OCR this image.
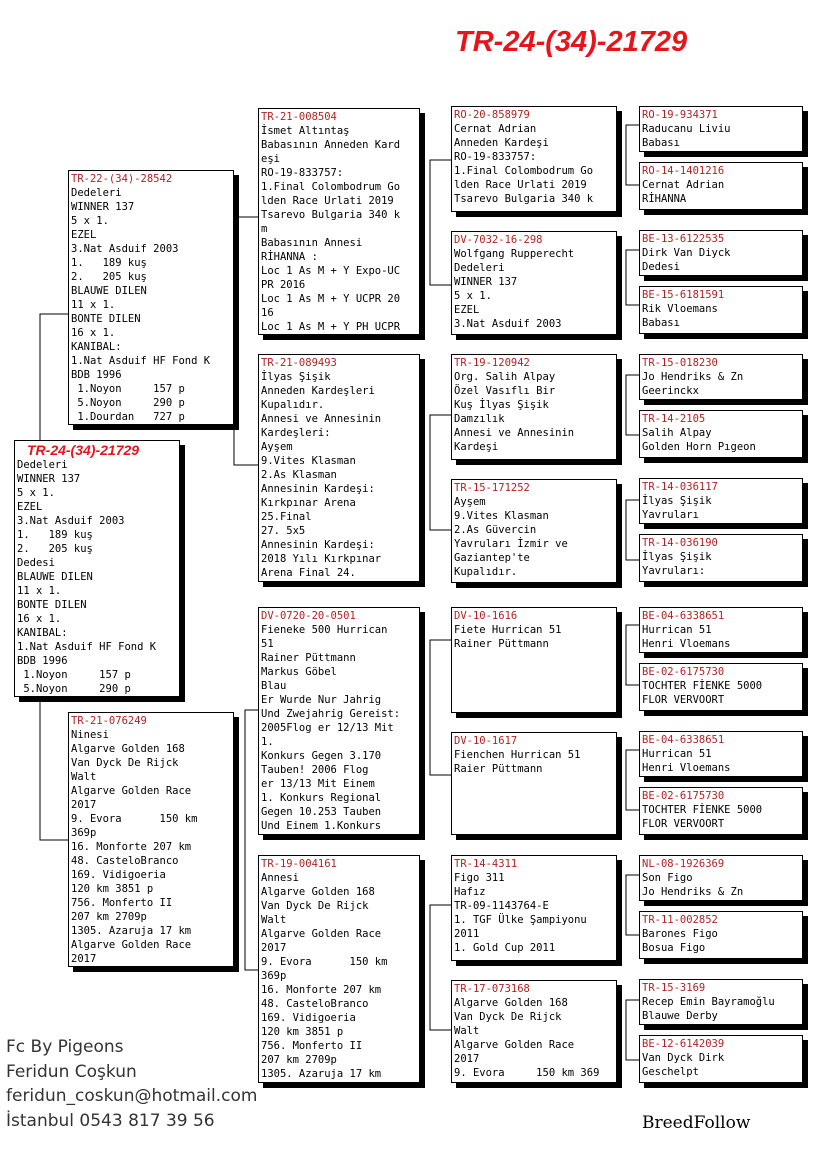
TR-24-(34)-21729
TR-24-(34)-21729
Dedeleri
WINNER 137
5 x 1.
EZEL
3.Nat Asduif 2003
1.   189 kuş
2.   205 kuş
Dedesi
BLAUWE DILEN
11 x 1.
BONTE DILEN
16 x 1.
KANIBAL:
1.Nat Asduif HF Fond K
BDB 1996
1.Noyon     157 p
5.Noyon     290 p
TR-22-(34)-28542
Dedeleri
WINNER 137
5 x 1.
EZEL
3.Nat Asduif 2003
1.   189 kuş
2.   205 kuş
BLAUWE DILEN
11 x 1.
BONTE DILEN
16 x 1.
KANIBAL:
1.Nat Asduif HF Fond K
BDB 1996
1.Noyon     157 p
5.Noyon     290 p
1.Dourdan   727 p
TR-21-076249
Ninesi
Algarve Golden 168
Van Dyck De Rijck
Walt
Algarve Golden Race
2017
9. Evora      150 km
369p
16. Monforte 207 km
48. CasteloBranco
169. Vidigoeria
120 km 3851 p
756. Monferto II
207 km 2709p
1305. Azaruja 17 km
Algarve Golden Race
2017
TR-21-008504
İsmet Altıntaş
Babasının Anneden Kard
eşi
RO-19-833757:
1.Final Colombodrum Go
lden Race Urlati 2019
Tsarevo Bulgaria 340 k
m
Babasının Annesi
RİHANNA :
Loc 1 As M + Y Expo-UC
PR 2016
Loc 1 As M + Y UCPR 20
16
Loc 1 As M + Y PH UCPR
TR-21-089493
İlyas Şişik
Anneden Kardeşleri
Kupalıdır.
Annesi ve Annesinin
Kardeşleri:
Ayşem
9.Vites Klasman
2.As Klasman
Annesinin Kardeşi:
Kırkpınar Arena
25.Final
27. 5x5
Annesinin Kardeşi:
2018 Yılı Kırkpınar
Arena Final 24.
DV-0720-20-0501
Fieneke 500 Hurrican
51
Rainer Püttmann
Markus Göbel
Blau
Er Wurde Nur Jahrig
Und Zwejahrig Gereist:
2005Flog er 12/13 Mit
1.
Konkurs Gegen 3.170
Tauben! 2006 Flog
er 13/13 Mit Einem
1. Konkurs Regional
Gegen 10.253 Tauben
Und Einem 1.Konkurs
TR-19-004161
Annesi
Algarve Golden 168
Van Dyck De Rijck
Walt
Algarve Golden Race
2017
9. Evora      150 km
369p
16. Monforte 207 km
48. CasteloBranco
169. Vidigoeria
120 km 3851 p
756. Monferto II
207 km 2709p
1305. Azaruja 17 km
RO-20-858979
Cernat Adrian
Anneden Kardeşi
RO-19-833757:
1.Final Colombodrum Go
lden Race Urlati 2019
Tsarevo Bulgaria 340 k
DV-7032-16-298
Wolfgang Rupperecht
Dedeleri
WINNER 137
5 x 1.
EZEL
3.Nat Asduif 2003
TR-19-120942
Org. Salih Alpay
Özel Vasıflı Bir
Kuş İlyas Şişik
Damzılık
Annesi ve Annesinin
Kardeşi
TR-15-171252
Ayşem
9.Vites Klasman
2.As Güvercin
Yavruları İzmir ve
Gaziantep'te
Kupalıdır.
DV-10-1616
Fiete Hurrican 51
Rainer Püttmann
DV-10-1617
Fienchen Hurrican 51
Raier Püttmann
TR-14-4311
Figo 311
Hafız
TR-09-1143764-E
1. TGF Ülke Şampiyonu
2011
1. Gold Cup 2011
TR-17-073168
Algarve Golden 168
Van Dyck De Rijck
Walt
Algarve Golden Race
2017
9. Evora     150 km 369
RO-19-934371
Raducanu Liviu
Babası
RO-14-1401216
Cernat Adrian
RİHANNA
BE-13-6122535
Dirk Van Diyck
Dedesi
BE-15-6181591
Rik Vloemans
Babası
TR-15-018230
Jo Hendriks & Zn
Geerinckx
TR-14-2105
Salih Alpay
Golden Horn Pıgeon
TR-14-036117
İlyas Şişik
Yavruları
TR-14-036190
İlyas Şişik
Yavruları:
BE-04-6338651
Hurrican 51
Henri Vloemans
BE-02-6175730
TOCHTER FİENKE 5000
FLOR VERVOORT
BE-04-6338651
Hurrican 51
Henri Vloemans
BE-02-6175730
TOCHTER FİENKE 5000
FLOR VERVOORT
NL-08-1926369
Son Figo
Jo Hendriks & Zn
TR-11-002852
Barones Figo
Bosua Figo
TR-15-3169
Recep Emin Bayramoğlu
Blauwe Derby
BE-12-6142039
Van Dyck Dirk
Geschelpt
Fc By Pigeons
Feridun Coşkun
feridun_coskun@hotmail.com
İstanbul 0543 817 39 56	BreedFollow
